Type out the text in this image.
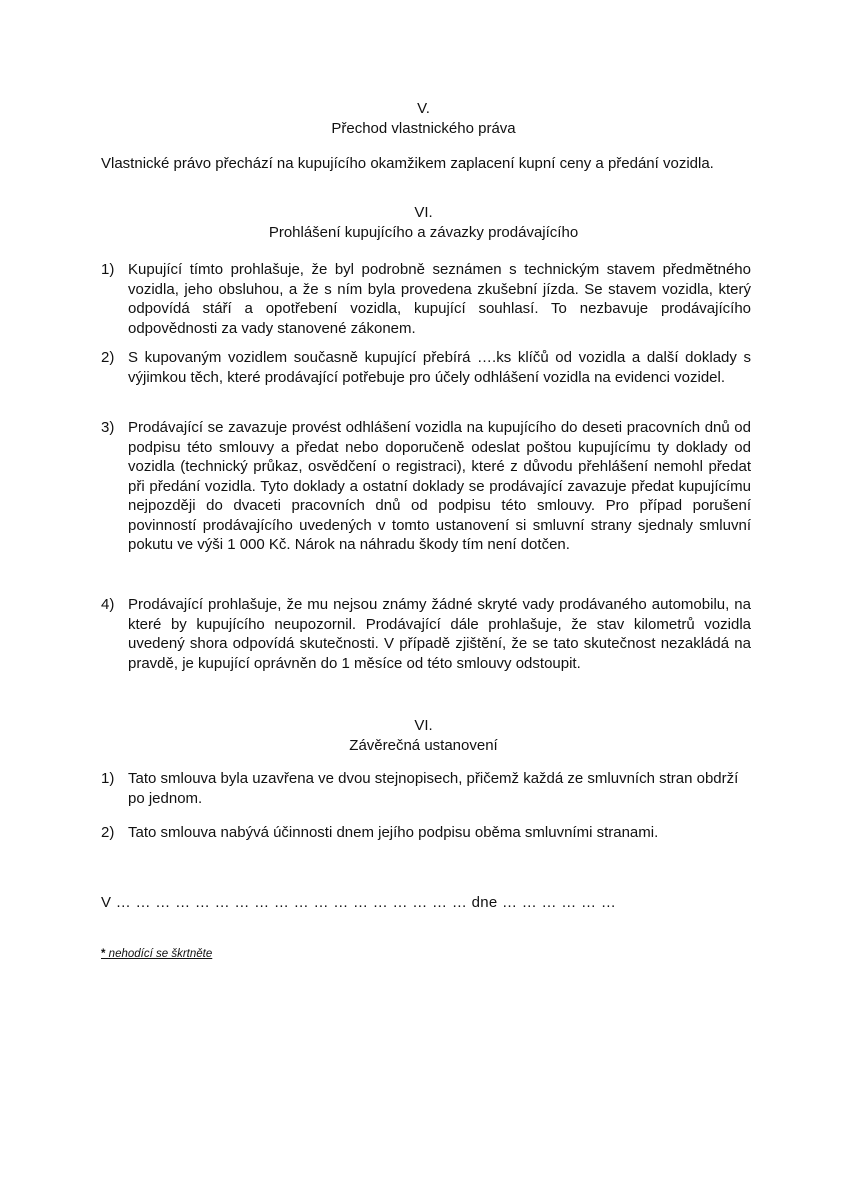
V.
Přechod vlastnického práva
Vlastnické právo přechází na kupujícího okamžikem zaplacení kupní ceny a předání vozidla.
VI.
Prohlášení kupujícího a závazky prodávajícího
1) Kupující tímto prohlašuje, že byl podrobně seznámen s technickým stavem předmětného vozidla, jeho obsluhou, a že s ním byla provedena zkušební jízda. Se stavem vozidla, který odpovídá stáří a opotřebení vozidla, kupující souhlasí. To nezbavuje prodávajícího odpovědnosti za vady stanovené zákonem.
2) S kupovaným vozidlem současně kupující přebírá ….ks klíčů od vozidla a další doklady s výjimkou těch, které prodávající potřebuje pro účely odhlášení vozidla na evidenci vozidel.
3) Prodávající se zavazuje provést odhlášení vozidla na kupujícího do deseti pracovních dnů od podpisu této smlouvy a předat nebo doporučeně odeslat poštou kupujícímu ty doklady od vozidla (technický průkaz, osvědčení o registraci), které z důvodu přehlášení nemohl předat při předání vozidla. Tyto doklady a ostatní doklady se prodávající zavazuje předat kupujícímu nejpozději do dvaceti pracovních dnů od podpisu této smlouvy. Pro případ porušení povinností prodávajícího uvedených v tomto ustanovení si smluvní strany sjednaly smluvní pokutu ve výši 1 000 Kč. Nárok na náhradu škody tím není dotčen.
4) Prodávající prohlašuje, že mu nejsou známy žádné skryté vady prodávaného automobilu, na které by kupujícího neupozornil. Prodávající dále prohlašuje, že stav kilometrů vozidla uvedený shora odpovídá skutečnosti. V případě zjištění, že se tato skutečnost nezakládá na pravdě, je kupující oprávněn do 1 měsíce od této smlouvy odstoupit.
VI.
Závěrečná ustanovení
1) Tato smlouva byla uzavřena ve dvou stejnopisech, přičemž každá ze smluvních stran obdrží po jednom.
2) Tato smlouva nabývá účinnosti dnem jejího podpisu oběma smluvními stranami.
V … … … … … … … … … … … … … … … … … … dne … … … … … …
* nehodící se škrtněte
